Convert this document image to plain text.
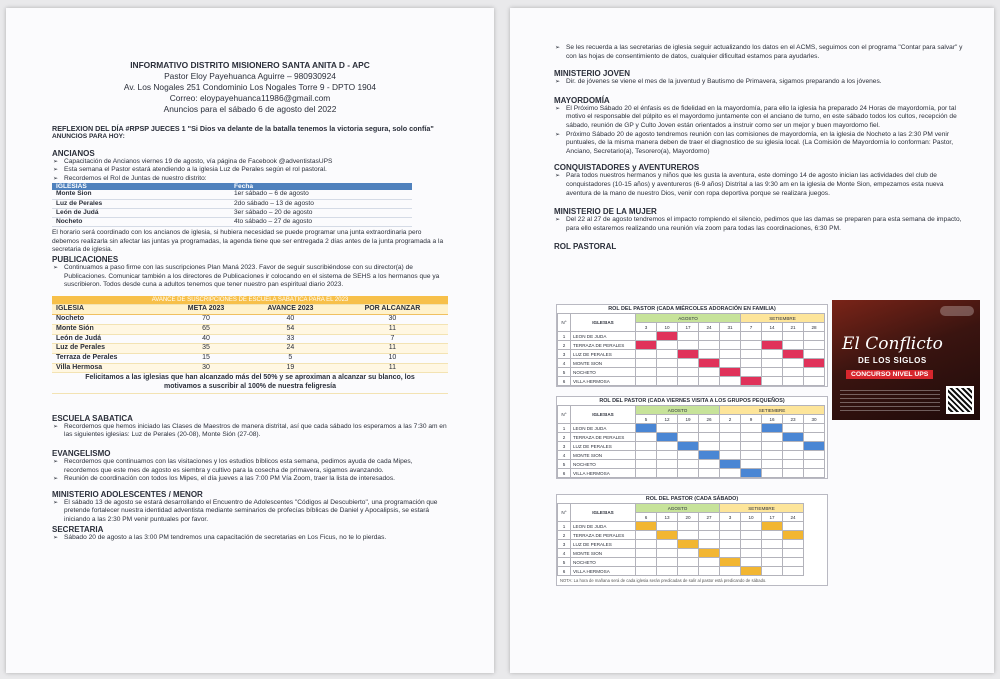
INFORMATIVO DISTRITO MISIONERO SANTA ANITA D - APC
Pastor Eloy Payehuanca Aguirre – 980930924
Av. Los Nogales 251 Condominio Los Nogales Torre 9 - DPTO 1904
Correo: eloypayehuanca11986@gmail.com
Anuncios para el sábado 6 de agosto del 2022
REFLEXION DEL DÍA #RPSP JUECES 1 "Si Dios va delante de la batalla tenemos la victoria segura, solo confía"
ANUNCIOS PARA HOY:
ANCIANOS
➢ Capacitación de Ancianos viernes 19 de agosto, vía página de Facebook @adventistasUPS
➢ Esta semana el Pastor estará atendiendo a la iglesia Luz de Perales según el rol pastoral.
➢ Recordemos el Rol de Juntas de nuestro distrito:
IGLESIAS	Fecha
Monte Sion	1er sábado – 6 de agosto
Luz de Perales	2do sábado – 13 de agosto
León de Judá	3er sábado – 20 de agosto
Nocheto	4to sábado – 27 de agosto
El horario será coordinado con los ancianos de iglesia, si hubiera necesidad se puede programar una junta extraordinaria pero debemos realizarla sin afectar las juntas ya programadas, la agenda tiene que ser entregada 2 días antes de la junta programada a la secretaria de iglesia.
PUBLICACIONES
➢ Continuamos a paso firme con las suscripciones Plan Maná 2023. Favor de seguir suscribiéndose con su director(a) de Publicaciones. Comunicar también a los directores de Publicaciones ir colocando en el sistema de SEHS a los hermanos que ya suscribieron. Todos desde cuna a adultos tenemos que tener nuestro pan espiritual diario 2023.
AVANCE DE SUSCRIPCIONES DE ESCUELA SABÁTICA PARA EL 2023			
IGLESIA	META 2023	AVANCE 2023	POR ALCANZAR
Nocheto	70	40	30
Monte Sión	65	54	11
León de Judá	40	33	7
Luz de Perales	35	24	11
Terraza de Perales	15	5	10
Villa Hermosa	30	19	11
Felicitamos a las iglesias que han alcanzado más del 50% y se aproximan a alcanzar su blanco, los motivamos a suscribir al 100% de nuestra feligresía			
ESCUELA SABATICA
➢ Recordemos que hemos iniciado las Clases de Maestros de manera distrital, así que cada sábado los esperamos a las 7:30 am en las siguientes iglesias: Luz de Perales (20-08), Monte Sión (27-08).
EVANGELISMO
➢ Recordemos que continuamos con las visitaciones y los estudios bíblicos esta semana, pedimos ayuda de cada Mipes, recordemos que este mes de agosto es siembra y cultivo para la cosecha de primavera, sigamos avanzando.
➢ Reunión de coordinación con todos los Mipes, el día jueves a las 7:00 PM Vía Zoom, traer la lista de interesados.
MINISTERIO ADOLESCENTES / MENOR
➢ El sábado 13 de agosto se estará desarrollando el Encuentro de Adolescentes "Códigos al Descubierto", una programación que pretende fortalecer nuestra identidad adventista mediante seminarios de profecías bíblicas de Daniel y Apocalipsis, se estará iniciando a las 2:30 PM venir puntuales por favor.
SECRETARIA
➢ Sábado 20 de agosto a las 3:00 PM tendremos una capacitación de secretarias en Los Ficus, no te lo pierdas.
➢ Se les recuerda a las secretarias de iglesia seguir actualizando los datos en el ACMS, seguimos con el programa "Contar para salvar" y con las hojas de consentimiento de datos, cualquier dificultad estamos para ayudarles.
MINISTERIO JOVEN
➢ Dir. de jóvenes se viene el mes de la juventud y Bautismo de Primavera, sigamos preparando a los jóvenes.
MAYORDOMÍA
➢ El Próximo Sábado 20 el énfasis es de fidelidad en la mayordomía, para ello la iglesia ha preparado 24 Horas de mayordomía, por tal motivo el responsable del púlpito es el mayordomo juntamente con el anciano de turno, en este sábado todos los cultos, recepción de sábado, reunión de GP y Culto Joven están orientados a instruir como ser un mejor y buen mayordomo fiel.
➢ Próximo Sábado 20 de agosto tendremos reunión con las comisiones de mayordomía, en la iglesia de Nocheto a las 2:30 PM venir puntuales, de la misma manera deben de traer el diagnostico de su iglesia local. (La Comisión de Mayordomía lo conforman: Pastor, Anciano, Secretario(a), Tesorero(a), Mayordomo)
CONQUISTADORES y AVENTUREROS
➢ Para todos nuestros hermanos y niños que les gusta la aventura, este domingo 14 de agosto inician las actividades del club de conquistadores (10-15 años) y aventureros (6-9 años) Distrital a las 9:30 am en la iglesia de Monte Sion, empezamos esta nueva aventura de la mano de nuestro Dios, venir con ropa deportiva porque se realizara juegos.
MINISTERIO DE LA MUJER
➢ Del 22 al 27 de agosto tendremos el impacto rompiendo el silencio, pedimos que las damas se preparen para esta semana de impacto, para ello estaremos realizando una reunión vía zoom para todas las coordinaciones, 6:30 PM.
ROL PASTORAL
ROL DEL PASTOR (CADA MIÉRCOLES ADORACIÓN EN FAMILIA)
N°	IGLESIAS	AGOSTO					SETIEMBRE			
		3	10	17	24	31	7	14	21	28
1	LEON DE JUDA									
2	TERRAZA DE PERALES									
3	LUZ DE PERALES									
4	MONTE SION									
5	NOCHETO									
6	VILLA HERMOSA									
ROL DEL PASTOR (CADA VIERNES VISITA A LOS GRUPOS PEQUEÑOS)
N°	IGLESIAS	AGOSTO				SETIEMBRE				
		5	12	19	26	2	9	16	23	30
1	LEON DE JUDA									
2	TERRAZA DE PERALES									
3	LUZ DE PERALES									
4	MONTE SION									
5	NOCHETO									
6	VILLA HERMOSA									
ROL DEL PASTOR (CADA SÁBADO)
N°	IGLESIAS	AGOSTO				SETIEMBRE			
		6	13	20	27	3	10	17	24
1	LEON DE JUDA								
2	TERRAZA DE PERALES								
3	LUZ DE PERALES								
4	MONTE SION								
5	NOCHETO								
6	VILLA HERMOSA								
NOTA: La hora de mañana será de cada iglesia serán predicadas de salir al pastor está predicando de sábado.
El Conflicto
DE LOS SIGLOS
CONCURSO NIVEL UPS
